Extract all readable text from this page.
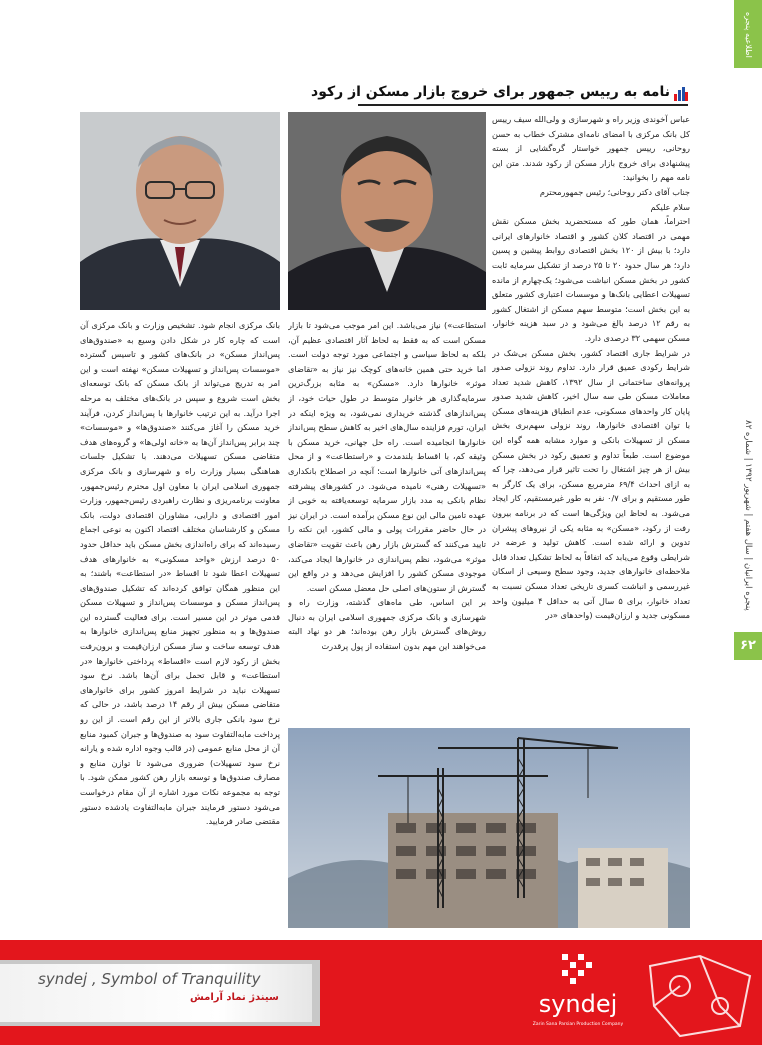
اطلاعیه پنجره
پنجره ایرانیان | سال هفتم | شهریور ۱۳۹۲ | شماره ۸۲
۶۲
نامه به رییس جمهور برای خروج بازار مسکن از رکود

عباس آخوندی وزیر راه و شهرسازی و ولی‌الله سیف رییس کل بانک مرکزی با امضای نامه‌ای مشترک خطاب به حسن روحانی، رییس جمهور خواستار گره‌گشایی از بسته پیشنهادی برای خروج بازار مسکن از رکود شدند. متن این نامه مهم را بخوانید:

جناب آقای دکتر روحانی؛ رئیس جمهورمحترم

سلام علیکم

احتراماً، همان طور که مستحضرید بخش مسکن نقش مهمی در اقتصاد کلان کشور و اقتصاد خانوارهای ایرانی دارد؛ با بیش از ۱۲۰ بخش اقتصادی روابط پیشین و پسین دارد؛ هر سال حدود ۲۰ تا ۲۵ درصد از تشکیل سرمایه ثابت کشور در بخش مسکن انباشت می‌شود؛ یک‌چهارم از مانده تسهیلات اعطایی بانک‌ها و موسسات اعتباری کشور متعلق به این بخش است؛ متوسط سهم مسکن از اشتغال کشور به رقم ۱۲ درصد بالغ می‌شود و در سبد هزینه خانوار، مسکن سهمی ۳۲ درصدی دارد.

در شرایط جاری اقتصاد کشور، بخش مسکن بی‌شک در شرایط رکودی عمیق قرار دارد. تداوم روند نزولی صدور پروانه‌های ساختمانی از سال ۱۳۹۲، کاهش شدید تعداد معاملات مسکن طی سه سال اخیر، کاهش شدید صدور پایان کار واحدهای مسکونی، عدم انطباق هزینه‌های مسکن با توان اقتصادی خانوارها، روند نزولی سهم‌بری بخش مسکن از تسهیلات بانکی و موارد مشابه همه گواه این موضوع است. طبعاً تداوم و تعمیق رکود در بخش مسکن بیش از هر چیز اشتغال را تحت تاثیر قرار می‌دهد، چرا که به ازای احداث ۶۹/۴ مترمربع مسکن، برای یک کارگر به طور مستقیم و برای ۰/۷ نفر به طور غیرمستقیم، کار ایجاد می‌شود. به لحاظ این ویژگی‌ها است که در برنامه بیرون رفت از رکود، «مسکن» به مثابه یکی از نیروهای پیشران تدوین و ارائه شده است. کاهش تولید و عرضه در شرایطی وقوع می‌یابد که اتفاقاً به لحاظ تشکیل تعداد قابل ملاحظه‌ای خانوارهای جدید، وجود سطح وسیعی از اسکان غیررسمی و انباشت کسری تاریخی تعداد مسکن نسبت به تعداد خانوار، برای ۵ سال آتی به حداقل ۴ میلیون واحد مسکونی جدید و ارزان‌قیمت (واحدهای «در

استطاعت») نیاز می‌باشد. این امر موجب می‌شود تا بازار مسکن است که به فقط به لحاظ آثار اقتصادی عظیم آن، بلکه به لحاظ سیاسی و اجتماعی مورد توجه دولت است. اما خرید حتی همین خانه‌های کوچک نیز نیاز به «تقاضای موثر» خانوارها دارد. «مسکن» به مثابه بزرگ‌ترین سرمایه‌گذاری هر خانوار متوسط در طول حیات خود، از پس‌اندازهای گذشته خریداری نمی‌شود، به ویژه اینکه در ایران، تورم فزاینده سال‌های اخیر به کاهش سطح پس‌انداز خانوارها انجامیده است. راه حل جهانی، خرید مسکن با وثیقه کم، با اقساط بلندمدت و «راستطاعت» و از محل پس‌اندازهای آتی خانوارها است؛ آنچه در اصطلاح بانکداری «تسهیلات رهنی» نامیده می‌شود. در کشورهای پیشرفته نظام بانکی به مدد بازار سرمایه توسعه‌یافته به خوبی از عهده تامین مالی این نوع مسکن برآمده است. در ایران نیز در حال حاضر مقررات پولی و مالی کشور، این نکته را تایید می‌کنند که گسترش بازار رهن باعث تقویت «تقاضای موثر» می‌شود، نظم پس‌اندازی در خانوارها ایجاد می‌کند، موجودی مسکن کشور را افزایش می‌دهد و در واقع این گسترش از ستون‌های اصلی حل معضل مسکن است.

بر این اساس، طی ماه‌های گذشته، وزارت راه و شهرسازی و بانک مرکزی جمهوری اسلامی ایران به دنبال روش‌های گسترش بازار رهن بوده‌اند؛ هر دو نهاد البته می‌خواهند این مهم بدون استفاده از پول پرقدرت

بانک مرکزی انجام شود. تشخیص وزارت و بانک مرکزی آن است که چاره کار در شکل دادن وسیع به «صندوق‌های پس‌انداز مسکن» در بانک‌های کشور و تاسیس گسترده «موسسات پس‌انداز و تسهیلات مسکن» نهفته است و این امر به تدریج می‌تواند از بانک مسکن که بانک توسعه‌ای بخش است شروع و سپس در بانک‌های مختلف به مرحله اجرا درآید. به این ترتیب خانوارها با پس‌انداز کردن، فرآیند خرید مسکن را آغاز می‌کنند «صندوق‌ها» و «موسسات» چند برابر پس‌انداز آن‌ها به «خانه اولی‌ها» و گروه‌های هدف متقاضی مسکن تسهیلات می‌دهند. با تشکیل جلسات هماهنگی بسیار وزارت راه و شهرسازی و بانک مرکزی جمهوری اسلامی ایران با معاون اول محترم رئیس‌جمهور، معاونت برنامه‌ریزی و نظارت راهبردی رئیس‌جمهور، وزارت امور اقتصادی و دارایی، مشاوران اقتصادی دولت، بانک مسکن و کارشناسان مختلف اقتصاد اکنون به نوعی اجماع رسیده‌اند که برای راه‌اندازی بخش مسکن باید حداقل حدود ۵۰ درصد ارزش «واحد مسکونی» به خانوارهای هدف تسهیلات اعطا شود تا اقساط «در استطاعت» باشند؛ به این منظور همگان توافق کرده‌اند که تشکیل صندوق‌های پس‌انداز مسکن و موسسات پس‌انداز و تسهیلات مسکن قدمی موثر در این مسیر است. برای فعالیت گسترده این صندوق‌ها و به منظور تجهیز منابع پس‌اندازی خانوارها به هدف توسعه ساخت و ساز مسکن ارزان‌قیمت و برون‌رفت بخش از رکود لازم است «اقساط» پرداختی خانوارها «در استطاعت» و قابل تحمل برای آن‌ها باشد. نرخ سود تسهیلات نباید در شرایط امروز کشور برای خانوارهای متقاضی مسکن بیش از رقم ۱۴ درصد باشد، در حالی که نرخ سود بانکی جاری بالاتر از این رقم است. از این رو پرداخت مابه‌التفاوت سود به صندوق‌ها و جبران کمبود منابع آن از محل منابع عمومی (در قالب وجوه اداره شده و یارانه نرخ سود تسهیلات) ضروری می‌شود تا توازن منابع و مصارف صندوق‌ها و توسعه بازار رهن کشور ممکن شود. با توجه به مجموعه نکات مورد اشاره از آن مقام درخواست می‌شود دستور فرمایند جبران مابه‌التفاوت یادشده دستور مقتضی صادر فرمایید.

syndej , Symbol of Tranquility
سیندژ نماد آرامش	syndej
Zarin Sana Parsian Production Company
